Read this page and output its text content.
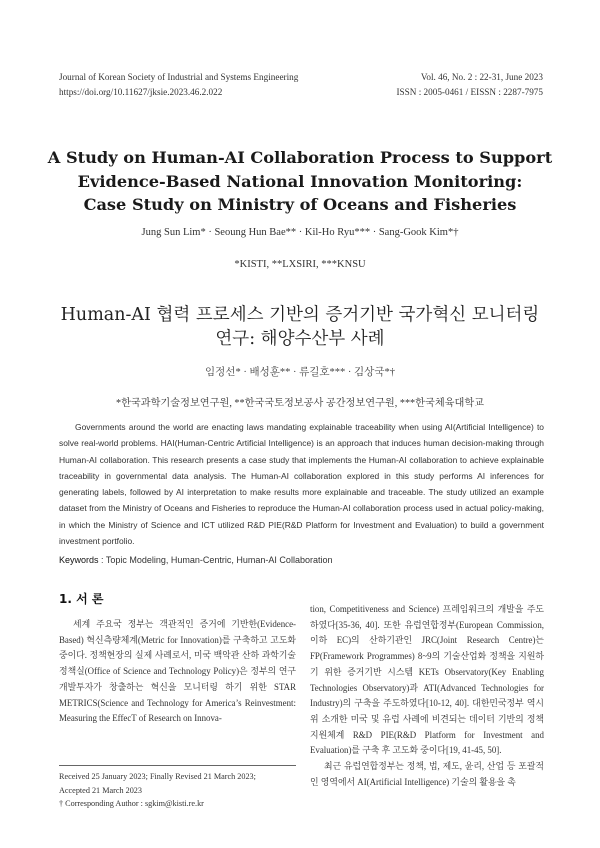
Journal of Korean Society of Industrial and Systems Engineering
https://doi.org/10.11627/jksie.2023.46.2.022
Vol. 46, No. 2 : 22-31, June 2023
ISSN : 2005-0461 / EISSN : 2287-7975
A Study on Human-AI Collaboration Process to Support
Evidence-Based National Innovation Monitoring:
Case Study on Ministry of Oceans and Fisheries
Jung Sun Lim* · Seoung Hun Bae** · Kil-Ho Ryu*** · Sang-Gook Kim*†
*KISTI, **LXSIRI, ***KNSU
Human-AI 협력 프로세스 기반의 증거기반 국가혁신 모니터링
연구: 해양수산부 사례
임정선* · 배성훈** · 류길호*** · 김상국*†
*한국과학기술정보연구원, **한국국토정보공사 공간정보연구원, ***한국체육대학교

Governments around the world are enacting laws mandating explainable traceability when using AI(Artificial Intelligence) to solve real-world problems. HAI(Human-Centric Artificial Intelligence) is an approach that induces human decision-making through Human-AI collaboration. This research presents a case study that implements the Human-AI collaboration to achieve explainable traceability in governmental data analysis. The Human-AI collaboration explored in this study performs AI inferences for generating labels, followed by AI interpretation to make results more explainable and traceable. The study utilized an example dataset from the Ministry of Oceans and Fisheries to reproduce the Human-AI collaboration process used in actual policy-making, in which the Ministry of Science and ICT utilized R&D PIE(R&D Platform for Investment and Evaluation) to build a government investment portfolio.

Keywords : Topic Modeling, Human-Centric, Human-AI Collaboration
1. 서 론

세계 주요국 정부는 객관적인 증거에 기반한(Evidence-Based) 혁신측량체계(Metric for Innovation)를 구축하고 고도화 중이다. 정책현장의 실제 사례로서, 미국 백악관 산하 과학기술정책실(Office of Science and Technology Policy)은 정부의 연구개발투자가 창출하는 혁신을 모니터링 하기 위한 STAR METRICS(Science and Technology for America’s Reinvestment: Measuring the EffecT of Research on Innova-

tion, Competitiveness and Science) 프레임워크의 개발을 주도하였다[35-36, 40]. 또한 유럽연합정부(European Commission, 이하 EC)의 산하기관인 JRC(Joint Research Centre)는 FP(Framework Programmes) 8~9의 기술산업화 정책을 지원하기 위한 증거기반 시스템 KETs Observatory(Key Enabling Technologies Observatory)과 ATI(Advanced Technologies for Industry)의 구축을 주도하였다[10-12, 40]. 대한민국정부 역시 위 소개한 미국 및 유럽 사례에 비견되는 데이터 기반의 정책지원체계 R&D PIE(R&D Platform for Investment and Evaluation)를 구축 후 고도화 중이다[19, 41-45, 50].

최근 유럽연합정부는 정책, 법, 제도, 윤리, 산업 등 포괄적인 영역에서 AI(Artificial Intelligence) 기술의 활용을 촉

Received 25 January 2023; Finally Revised 21 March 2023;
Accepted 21 March 2023
† Corresponding Author : sgkim@kisti.re.kr
